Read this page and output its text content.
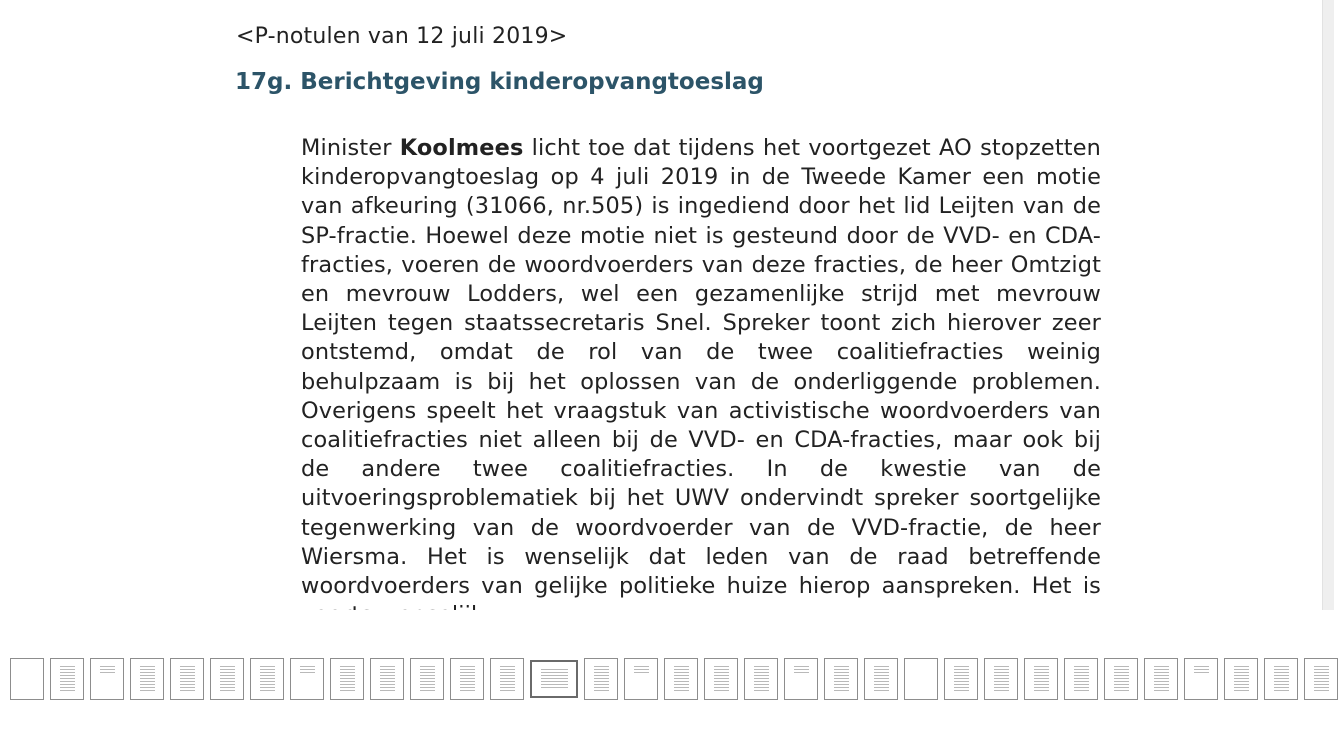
<P-notulen van 12 juli 2019>

17g. Berichtgeving kinderopvangtoeslag

Minister Koolmees licht toe dat tijdens het voortgezet AO stopzetten kinderopvangtoeslag op 4 juli 2019 in de Tweede Kamer een motie van afkeuring (31066, nr.505) is ingediend door het lid Leijten van de SP-fractie. Hoewel deze motie niet is gesteund door de VVD- en CDA-fracties, voeren de woordvoerders van deze fracties, de heer Omtzigt en mevrouw Lodders, wel een gezamenlijke strijd met mevrouw Leijten tegen staatssecretaris Snel. Spreker toont zich hierover zeer ontstemd, omdat de rol van de twee coalitiefracties weinig behulpzaam is bij het oplossen van de onderliggende problemen. Overigens speelt het vraagstuk van activistische woordvoerders van coalitiefracties niet alleen bij de VVD- en CDA-fracties, maar ook bij de andere twee coalitiefracties. In de kwestie van de uitvoeringsproblematiek bij het UWV ondervindt spreker soortgelijke tegenwerking van de woordvoerder van de VVD-fractie, de heer Wiersma. Het is wenselijk dat leden van de raad betreffende woordvoerders van gelijke politieke huize hierop aanspreken. Het is
